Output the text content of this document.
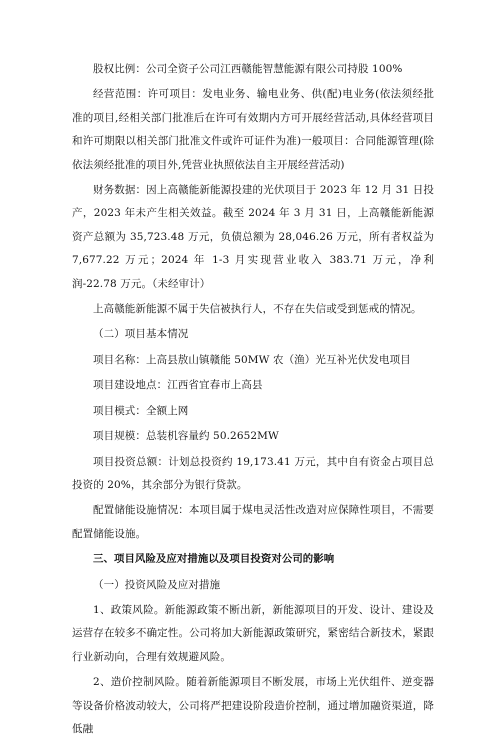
股权比例：公司全资子公司江西赣能智慧能源有限公司持股 100%

经营范围：许可项目：发电业务、输电业务、供(配)电业务(依法须经批准的项目,经相关部门批准后在许可有效期内方可开展经营活动,具体经营项目和许可期限以相关部门批准文件或许可证件为准)一般项目：合同能源管理(除依法须经批准的项目外,凭营业执照依法自主开展经营活动)

财务数据：因上高赣能新能源投建的光伏项目于 2023 年 12 月 31 日投产，2023 年未产生相关效益。截至 2024 年 3 月 31 日，上高赣能新能源资产总额为 35,723.48 万元，负债总额为 28,046.26 万元，所有者权益为 7,677.22 万元；2024 年 1-3 月实现营业收入 383.71 万元，净利润-22.78 万元。（未经审计）

上高赣能新能源不属于失信被执行人，不存在失信或受到惩戒的情况。

（二）项目基本情况

项目名称：上高县敖山镇赣能 50MW 农（渔）光互补光伏发电项目

项目建设地点：江西省宜春市上高县

项目模式：全额上网

项目规模：总装机容量约 50.2652MW

项目投资总额：计划总投资约 19,173.41 万元，其中自有资金占项目总投资的 20%，其余部分为银行贷款。

配置储能设施情况：本项目属于煤电灵活性改造对应保障性项目，不需要配置储能设施。

三、项目风险及应对措施以及项目投资对公司的影响

（一）投资风险及应对措施

1、政策风险。新能源政策不断出新，新能源项目的开发、设计、建设及运营存在较多不确定性。公司将加大新能源政策研究，紧密结合新技术，紧跟行业新动向，合理有效规避风险。

2、造价控制风险。随着新能源项目不断发展，市场上光伏组件、逆变器等设备价格波动较大，公司将严把建设阶段造价控制，通过增加融资渠道，降低融
